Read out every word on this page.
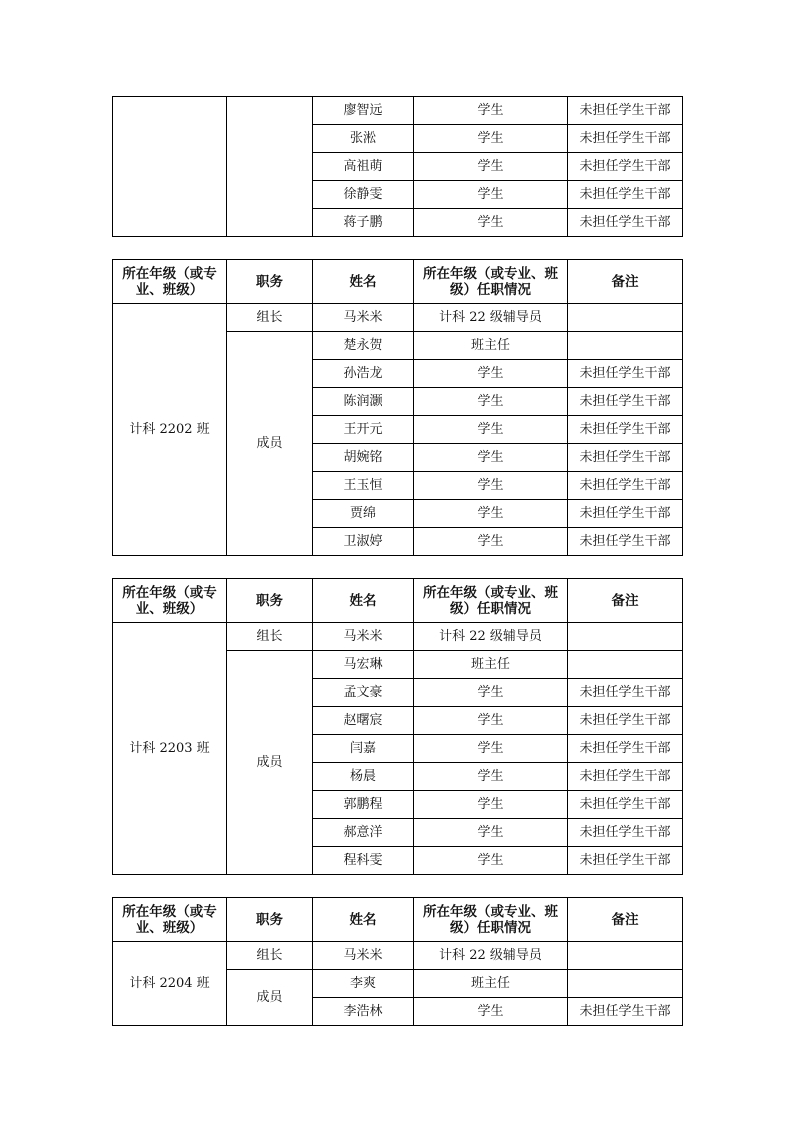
		廖智远	学生	未担任学生干部
		张淞	学生	未担任学生干部
		高祖萌	学生	未担任学生干部
		徐静雯	学生	未担任学生干部
		蒋子鹏	学生	未担任学生干部
所在年级（或专业、班级）	职务	姓名	所在年级（或专业、班级）任职情况	备注
计科 2202 班	组长	马米米	计科 22 级辅导员	
	成员	楚永贺	班主任	
		孙浩龙	学生	未担任学生干部
		陈润灏	学生	未担任学生干部
		王开元	学生	未担任学生干部
		胡婉铭	学生	未担任学生干部
		王玉恒	学生	未担任学生干部
		贾绵	学生	未担任学生干部
		卫淑婷	学生	未担任学生干部
所在年级（或专业、班级）	职务	姓名	所在年级（或专业、班级）任职情况	备注
计科 2203 班	组长	马米米	计科 22 级辅导员	
	成员	马宏琳	班主任	
		孟文豪	学生	未担任学生干部
		赵曙宸	学生	未担任学生干部
		闫嘉	学生	未担任学生干部
		杨晨	学生	未担任学生干部
		郭鹏程	学生	未担任学生干部
		郝意洋	学生	未担任学生干部
		程科雯	学生	未担任学生干部
所在年级（或专业、班级）	职务	姓名	所在年级（或专业、班级）任职情况	备注
计科 2204 班	组长	马米米	计科 22 级辅导员	
	成员	李爽	班主任	
		李浩林	学生	未担任学生干部
